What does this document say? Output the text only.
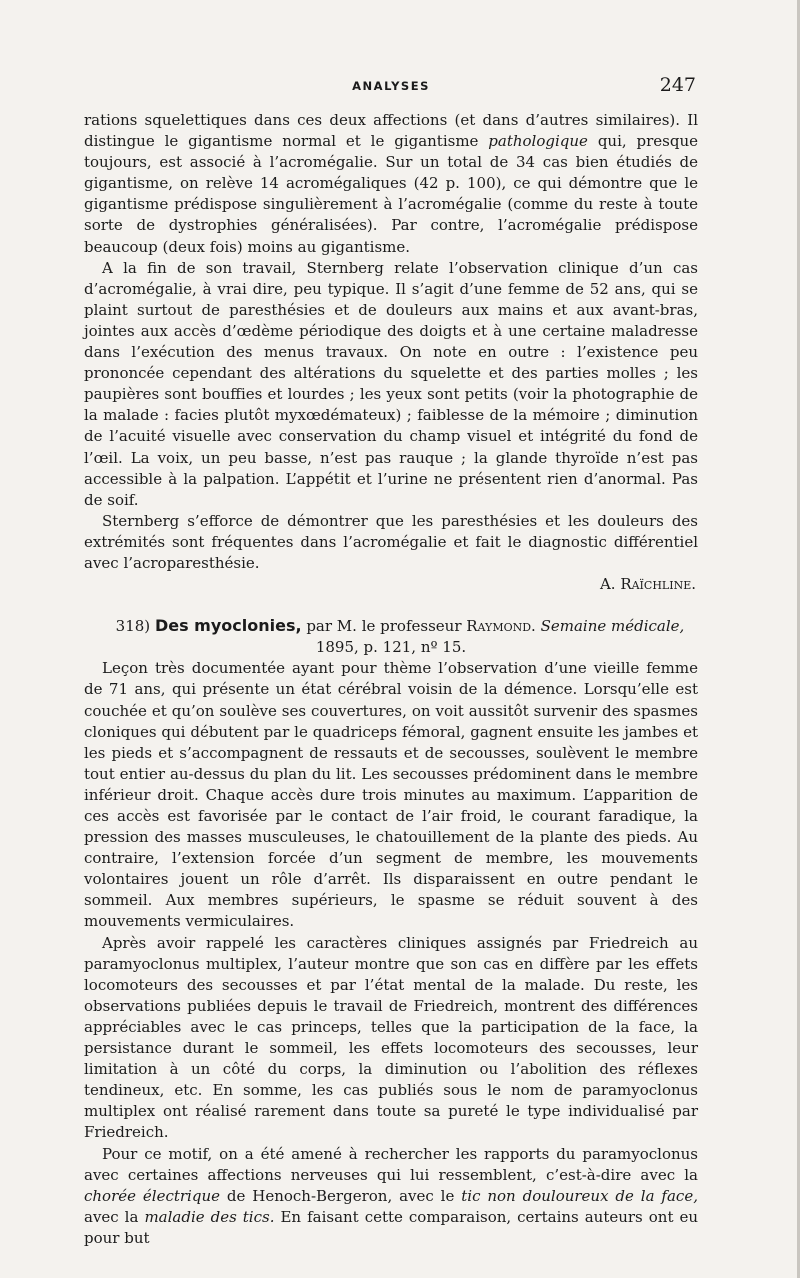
ANALYSES	247

rations squelettiques dans ces deux affections (et dans d’autres similaires). Il distingue le gigantisme normal et le gigantisme pathologique qui, presque toujours, est associé à l’acromégalie. Sur un total de 34 cas bien étudiés de gigantisme, on relève 14 acromégaliques (42 p. 100), ce qui démontre que le gigantisme prédispose singulièrement à l’acromégalie (comme du reste à toute sorte de dystrophies généralisées). Par contre, l’acromégalie prédispose beaucoup (deux fois) moins au gigantisme.

A la fin de son travail, Sternberg relate l’observation clinique d’un cas d’acromégalie, à vrai dire, peu typique. Il s’agit d’une femme de 52 ans, qui se plaint surtout de paresthésies et de douleurs aux mains et aux avant-bras, jointes aux accès d’œdème périodique des doigts et à une certaine maladresse dans l’exécution des menus travaux. On note en outre : l’existence peu prononcée cependant des altérations du squelette et des parties molles ; les paupières sont bouffies et lourdes ; les yeux sont petits (voir la photographie de la malade : facies plutôt myxœdémateux) ; faiblesse de la mémoire ; diminution de l’acuité visuelle avec conservation du champ visuel et intégrité du fond de l’œil. La voix, un peu basse, n’est pas rauque ; la glande thyroïde n’est pas accessible à la palpation. L’appétit et l’urine ne présentent rien d’anormal. Pas de soif.

Sternberg s’efforce de démontrer que les paresthésies et les douleurs des extrémités sont fréquentes dans l’acromégalie et fait le diagnostic différentiel avec l’acroparesthésie.

A. Raïchline.

318) Des myoclonies, par M. le professeur Raymond. Semaine médicale, 1895, p. 121, nº 15.

Leçon très documentée ayant pour thème l’observation d’une vieille femme de 71 ans, qui présente un état cérébral voisin de la démence. Lorsqu’elle est couchée et qu’on soulève ses couvertures, on voit aussitôt survenir des spasmes cloniques qui débutent par le quadriceps fémoral, gagnent ensuite les jambes et les pieds et s’accompagnent de ressauts et de secousses, soulèvent le membre tout entier au-dessus du plan du lit. Les secousses prédominent dans le membre inférieur droit. Chaque accès dure trois minutes au maximum. L’apparition de ces accès est favorisée par le contact de l’air froid, le courant faradique, la pression des masses musculeuses, le chatouillement de la plante des pieds. Au contraire, l’extension forcée d’un segment de membre, les mouvements volontaires jouent un rôle d’arrêt. Ils disparaissent en outre pendant le sommeil. Aux membres supérieurs, le spasme se réduit souvent à des mouvements vermiculaires.

Après avoir rappelé les caractères cliniques assignés par Friedreich au paramyoclonus multiplex, l’auteur montre que son cas en diffère par les effets locomoteurs des secousses et par l’état mental de la malade. Du reste, les observations publiées depuis le travail de Friedreich, montrent des différences appréciables avec le cas princeps, telles que la participation de la face, la persistance durant le sommeil, les effets locomoteurs des secousses, leur limitation à un côté du corps, la diminution ou l’abolition des réflexes tendineux, etc. En somme, les cas publiés sous le nom de paramyoclonus multiplex ont réalisé rarement dans toute sa pureté le type individualisé par Friedreich.

Pour ce motif, on a été amené à rechercher les rapports du paramyoclonus avec certaines affections nerveuses qui lui ressemblent, c’est-à-dire avec la chorée électrique de Henoch-Bergeron, avec le tic non douloureux de la face, avec la maladie des tics. En faisant cette comparaison, certains auteurs ont eu pour but
